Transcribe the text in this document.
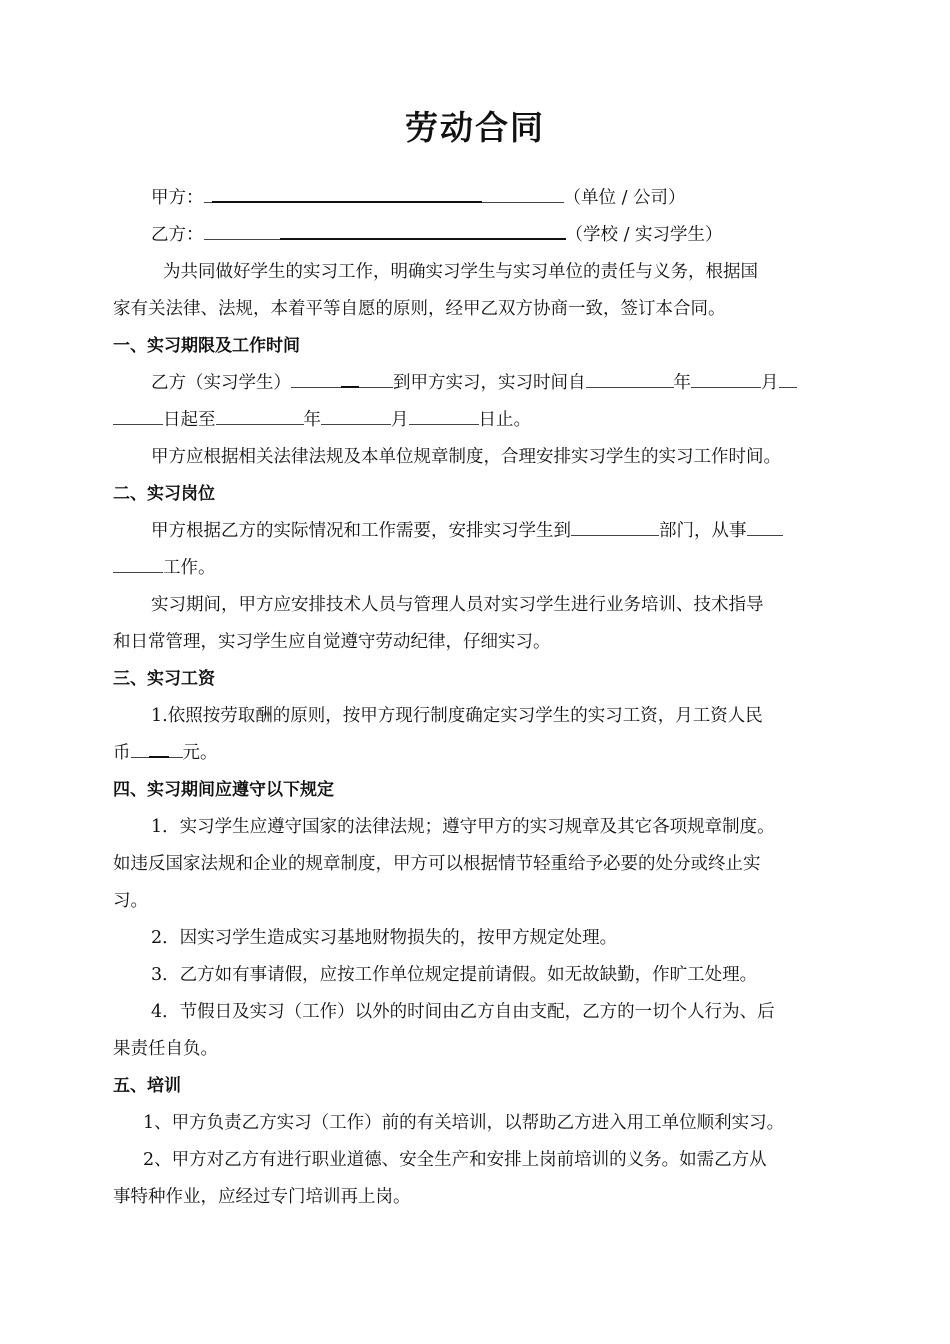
劳动合同

甲方：	（单位 / 公司）

乙方：	（学校 / 实习学生）

为共同做好学生的实习工作，明确实习学生与实习单位的责任与义务，根据国

家有关法律、法规，本着平等自愿的原则，经甲乙双方协商一致，签订本合同。

一、实习期限及工作时间

乙方（实习学生）	到甲方实习，实习时间自	年	月

日起至	年	月	日止。

甲方应根据相关法律法规及本单位规章制度，合理安排实习学生的实习工作时间。

二、实习岗位

甲方根据乙方的实际情况和工作需要，安排实习学生到	部门，从事

工作。

实习期间，甲方应安排技术人员与管理人员对实习学生进行业务培训、技术指导

和日常管理，实习学生应自觉遵守劳动纪律，仔细实习。

三、实习工资

1.依照按劳取酬的原则，按甲方现行制度确定实习学生的实习工资，月工资人民

币	元。

四、实习期间应遵守以下规定

1．实习学生应遵守国家的法律法规；遵守甲方的实习规章及其它各项规章制度。

如违反国家法规和企业的规章制度，甲方可以根据情节轻重给予必要的处分或终止实

习。

2．因实习学生造成实习基地财物损失的，按甲方规定处理。

3．乙方如有事请假，应按工作单位规定提前请假。如无故缺勤，作旷工处理。

4．节假日及实习（工作）以外的时间由乙方自由支配，乙方的一切个人行为、后

果责任自负。

五、培训

1、甲方负责乙方实习（工作）前的有关培训，以帮助乙方进入用工单位顺利实习。

2、甲方对乙方有进行职业道德、安全生产和安排上岗前培训的义务。如需乙方从

事特种作业，应经过专门培训再上岗。
